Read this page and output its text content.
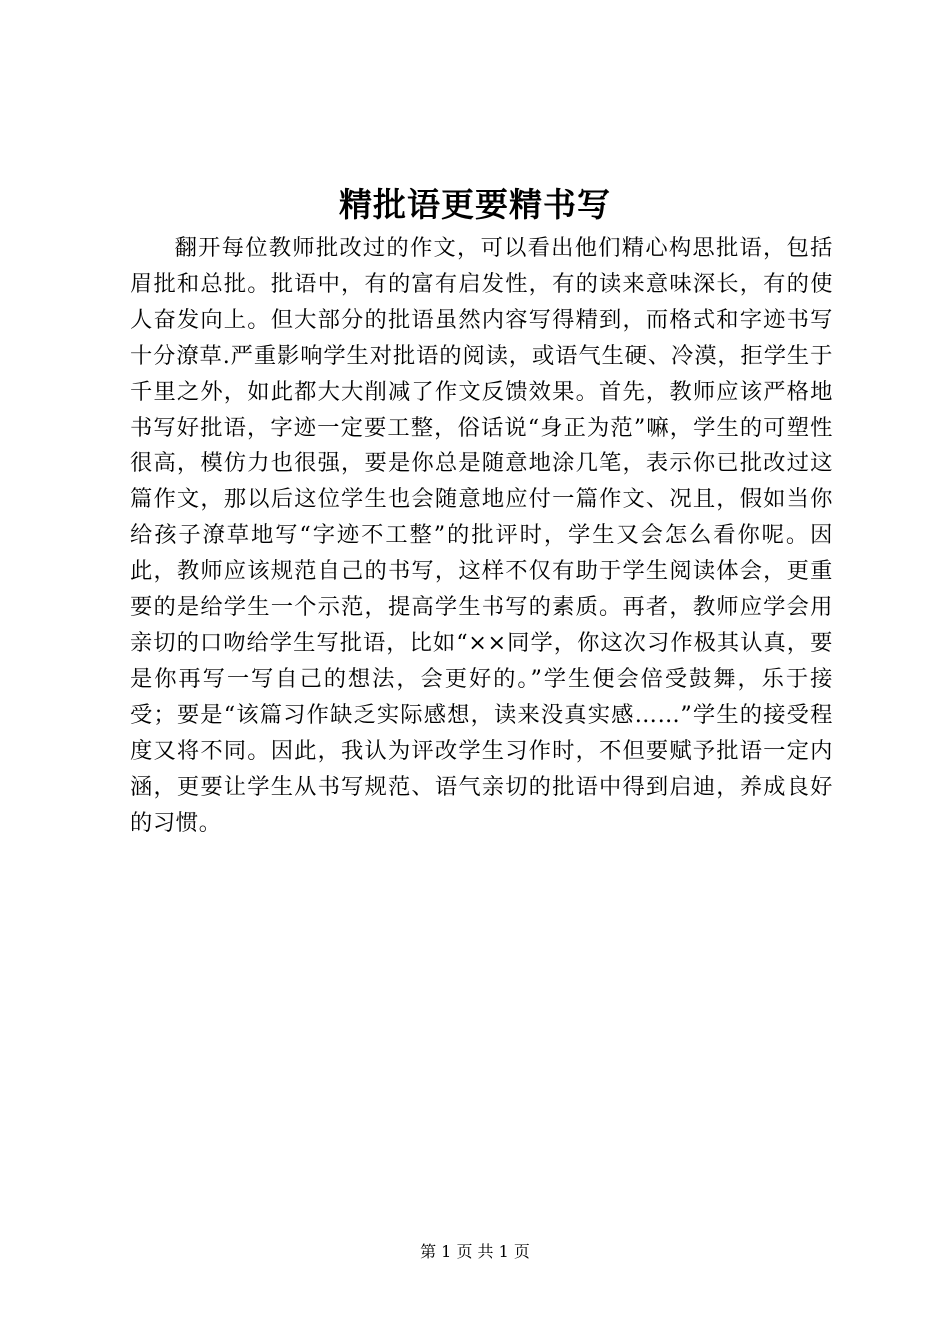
精批语更要精书写

翻开每位教师批改过的作文，可以看出他们精心构思批语，包括眉批和总批。批语中，有的富有启发性，有的读来意味深长，有的使人奋发向上。但大部分的批语虽然内容写得精到，而格式和字迹书写十分潦草.严重影响学生对批语的阅读，或语气生硬、冷漠，拒学生于千里之外，如此都大大削减了作文反馈效果。首先，教师应该严格地书写好批语，字迹一定要工整，俗话说“身正为范”嘛，学生的可塑性很高，模仿力也很强，要是你总是随意地涂几笔，表示你已批改过这篇作文，那以后这位学生也会随意地应付一篇作文、况且，假如当你给孩子潦草地写“字迹不工整”的批评时，学生又会怎么看你呢。因此，教师应该规范自己的书写，这样不仅有助于学生阅读体会，更重要的是给学生一个示范，提高学生书写的素质。再者，教师应学会用亲切的口吻给学生写批语，比如“××同学，你这次习作极其认真，要是你再写一写自己的想法，会更好的。”学生便会倍受鼓舞，乐于接受；要是“该篇习作缺乏实际感想，读来没真实感……”学生的接受程度又将不同。因此，我认为评改学生习作时，不但要赋予批语一定内涵，更要让学生从书写规范、语气亲切的批语中得到启迪，养成良好的习惯。

第 1 页 共 1 页
